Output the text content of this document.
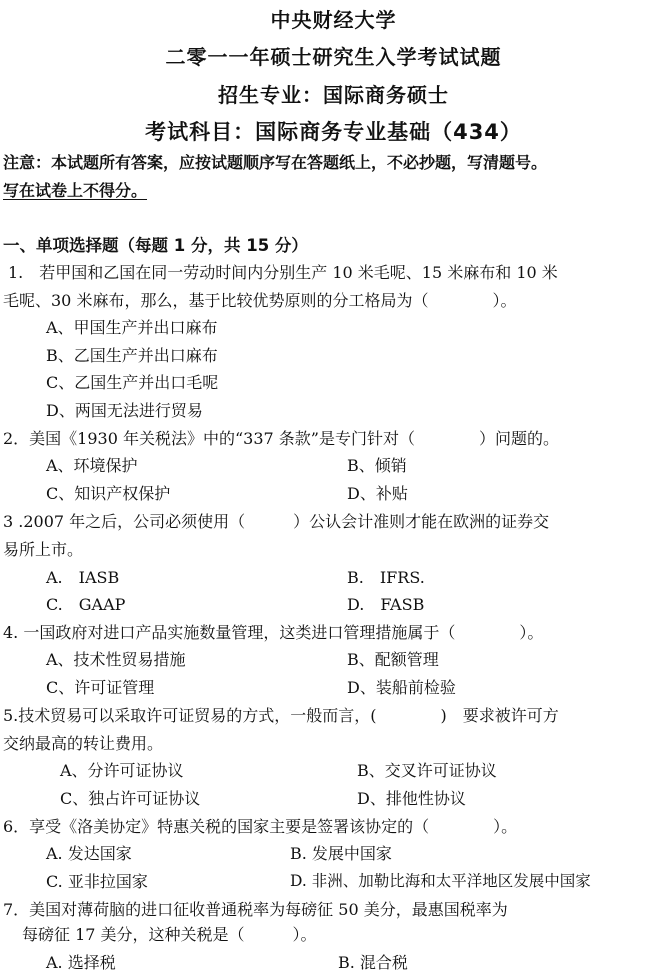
中央财经大学
二零一一年硕士研究生入学考试试题
招生专业：国际商务硕士
考试科目：国际商务专业基础（434）
注意：本试题所有答案，应按试题顺序写在答题纸上，不必抄题，写清题号。
写在试卷上不得分。
一、单项选择题（每题 1 分，共 15 分）
1.　若甲国和乙国在同一劳动时间内分别生产 10 米毛呢、15 米麻布和 10 米
毛呢、30 米麻布，那么，基于比较优势原则的分工格局为（　　　　）。
A、甲国生产并出口麻布
B、乙国生产并出口麻布
C、乙国生产并出口毛呢
D、两国无法进行贸易
2．美国《1930 年关税法》中的“337 条款”是专门针对（　　　　）问题的。
A、环境保护	B、倾销
C、知识产权保护	D、补贴
3 .2007 年之后，公司必须使用（　　　）公认会计准则才能在欧洲的证券交
易所上市。
A.　IASB	B.　IFRS.
C.　GAAP	D.　FASB
4. 一国政府对进口产品实施数量管理，这类进口管理措施属于（　　　　）。
A、技术性贸易措施	B、配额管理
C、许可证管理	D、装船前检验
5.技术贸易可以采取许可证贸易的方式，一般而言，(　　　　)　要求被许可方
交纳最高的转让费用。
A、分许可证协议	B、交叉许可证协议
C、独占许可证协议	D、排他性协议
6．享受《洛美协定》特惠关税的国家主要是签署该协定的（　　　　）。
A. 发达国家	B. 发展中国家
C. 亚非拉国家	D. 非洲、加勒比海和太平洋地区发展中国家
7．美国对薄荷脑的进口征收普通税率为每磅征 50 美分，最惠国税率为
每磅征 17 美分，这种关税是（　　　）。
A. 选择税	B. 混合税
